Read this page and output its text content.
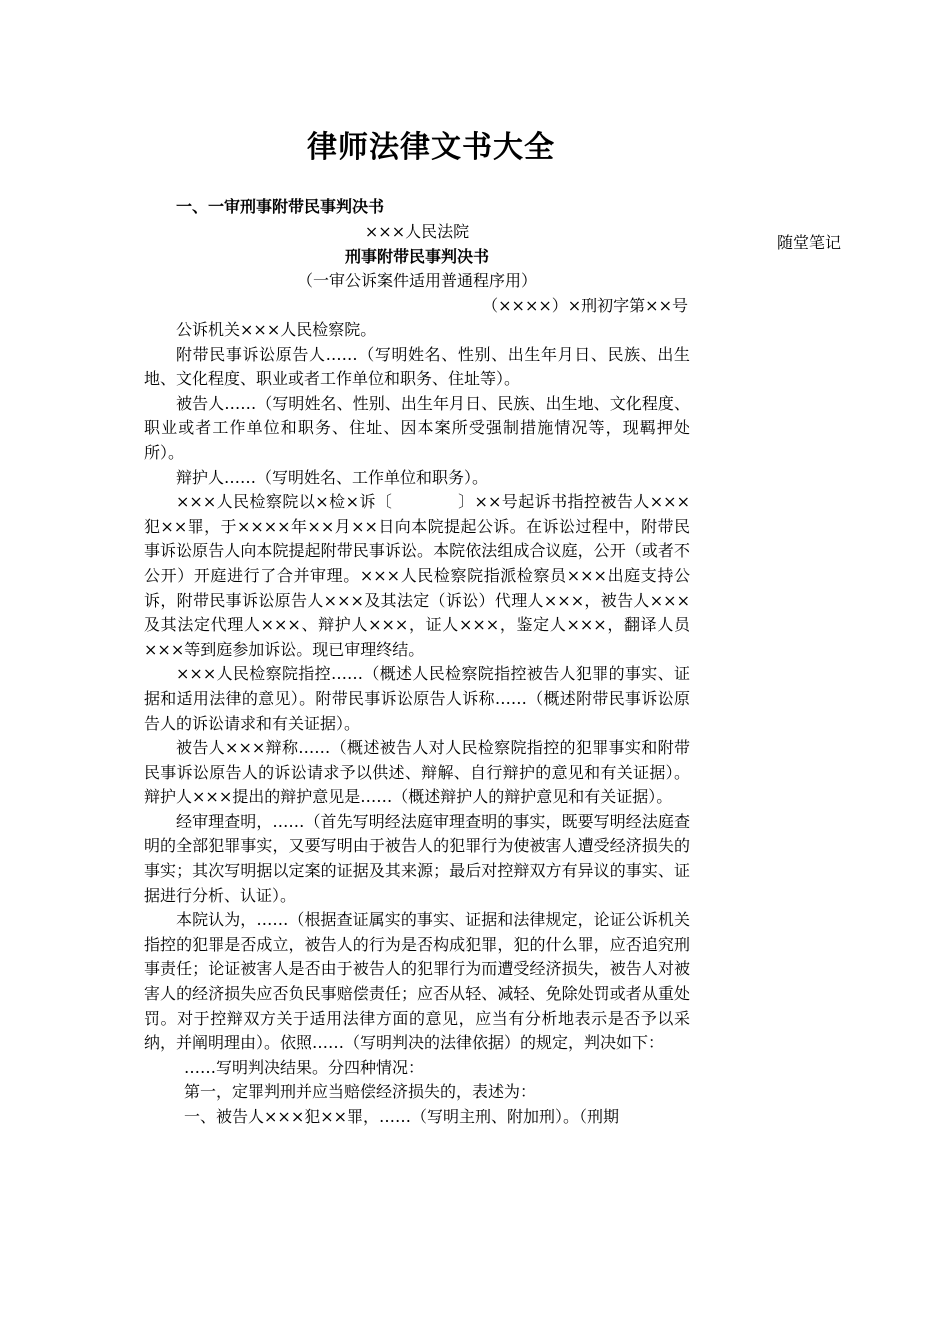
律师法律文书大全
一、一审刑事附带民事判决书
随堂笔记
×××人民法院
刑事附带民事判决书
（一审公诉案件适用普通程序用）
（××××）×刑初字第××号

公诉机关×××人民检察院。

附带民事诉讼原告人……（写明姓名、性别、出生年月日、民族、出生地、文化程度、职业或者工作单位和职务、住址等）。

被告人……（写明姓名、性别、出生年月日、民族、出生地、文化程度、职业或者工作单位和职务、住址、因本案所受强制措施情况等，现羁押处所）。

辩护人……（写明姓名、工作单位和职务）。

×××人民检察院以×检×诉〔　　　　〕××号起诉书指控被告人×××犯××罪，于××××年××月××日向本院提起公诉。在诉讼过程中，附带民事诉讼原告人向本院提起附带民事诉讼。本院依法组成合议庭，公开（或者不公开）开庭进行了合并审理。×××人民检察院指派检察员×××出庭支持公诉，附带民事诉讼原告人×××及其法定（诉讼）代理人×××，被告人×××及其法定代理人×××、辩护人×××，证人×××，鉴定人×××，翻译人员×××等到庭参加诉讼。现已审理终结。

×××人民检察院指控……（概述人民检察院指控被告人犯罪的事实、证据和适用法律的意见）。附带民事诉讼原告人诉称……（概述附带民事诉讼原告人的诉讼请求和有关证据）。

被告人×××辩称……（概述被告人对人民检察院指控的犯罪事实和附带民事诉讼原告人的诉讼请求予以供述、辩解、自行辩护的意见和有关证据）。辩护人×××提出的辩护意见是……（概述辩护人的辩护意见和有关证据）。

经审理查明，……（首先写明经法庭审理查明的事实，既要写明经法庭查明的全部犯罪事实，又要写明由于被告人的犯罪行为使被害人遭受经济损失的事实；其次写明据以定案的证据及其来源；最后对控辩双方有异议的事实、证据进行分析、认证）。

本院认为，……（根据查证属实的事实、证据和法律规定，论证公诉机关指控的犯罪是否成立，被告人的行为是否构成犯罪，犯的什么罪，应否追究刑事责任；论证被害人是否由于被告人的犯罪行为而遭受经济损失，被告人对被害人的经济损失应否负民事赔偿责任；应否从轻、减轻、免除处罚或者从重处罚。对于控辩双方关于适用法律方面的意见，应当有分析地表示是否予以采纳，并阐明理由）。依照……（写明判决的法律依据）的规定，判决如下：

……写明判决结果。分四种情况：

第一，定罪判刑并应当赔偿经济损失的，表述为：

一、被告人×××犯××罪，……（写明主刑、附加刑）。（刑期
